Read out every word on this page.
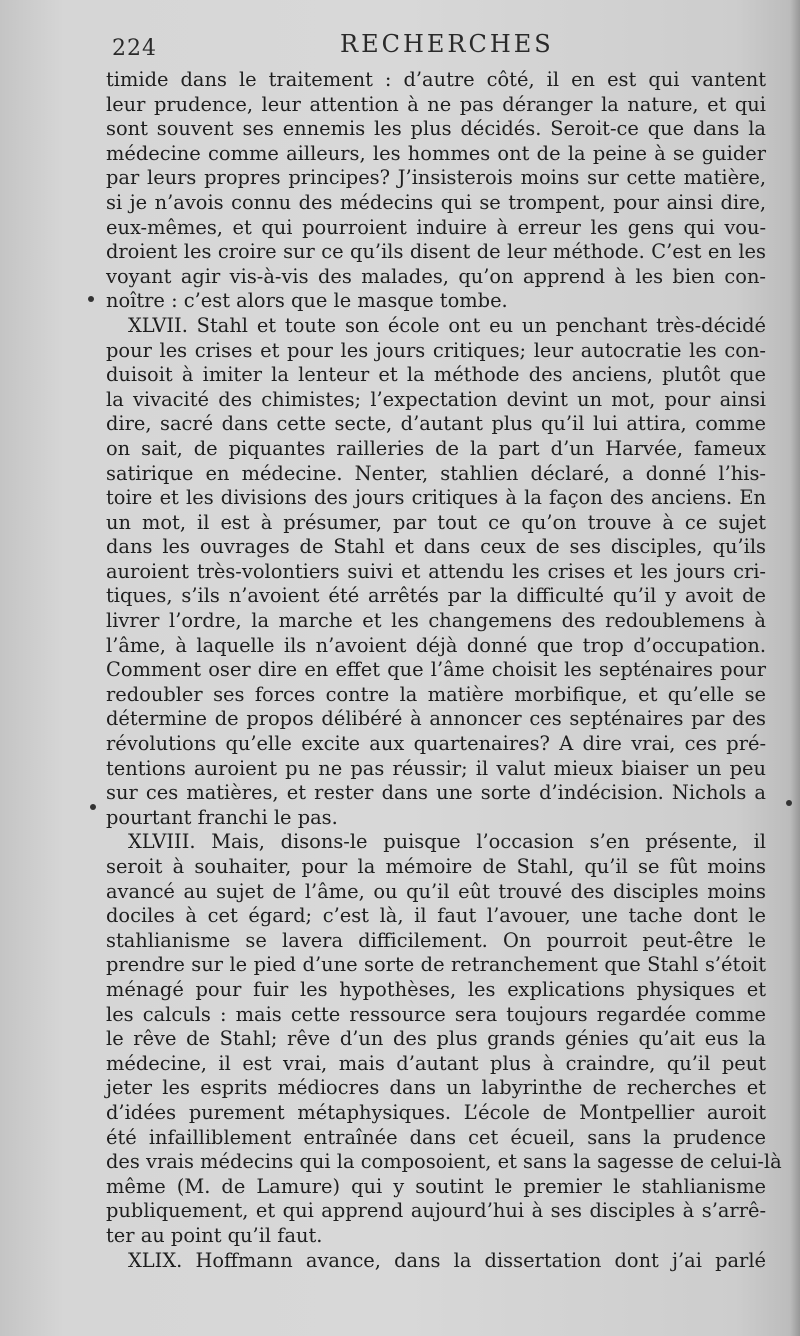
224	RECHERCHES
timide dans le traitement : d’autre côté, il en est qui vantent
leur prudence, leur attention à ne pas déranger la nature, et qui
sont souvent ses ennemis les plus décidés. Seroit-ce que dans la
médecine comme ailleurs, les hommes ont de la peine à se guider
par leurs propres principes? J’insisterois moins sur cette matière,
si je n’avois connu des médecins qui se trompent, pour ainsi dire,
eux-mêmes, et qui pourroient induire à erreur les gens qui vou-
droient les croire sur ce qu’ils disent de leur méthode. C’est en les
voyant agir vis-à-vis des malades, qu’on apprend à les bien con-
noître : c’est alors que le masque tombe.
XLVII. Stahl et toute son école ont eu un penchant très-décidé
pour les crises et pour les jours critiques; leur autocratie les con-
duisoit à imiter la lenteur et la méthode des anciens, plutôt que
la vivacité des chimistes; l’expectation devint un mot, pour ainsi
dire, sacré dans cette secte, d’autant plus qu’il lui attira, comme
on sait, de piquantes railleries de la part d’un Harvée, fameux
satirique en médecine. Nenter, stahlien déclaré, a donné l’his-
toire et les divisions des jours critiques à la façon des anciens. En
un mot, il est à présumer, par tout ce qu’on trouve à ce sujet
dans les ouvrages de Stahl et dans ceux de ses disciples, qu’ils
auroient très-volontiers suivi et attendu les crises et les jours cri-
tiques, s’ils n’avoient été arrêtés par la difficulté qu’il y avoit de
livrer l’ordre, la marche et les changemens des redoublemens à
l’âme, à laquelle ils n’avoient déjà donné que trop d’occupation.
Comment oser dire en effet que l’âme choisit les septénaires pour
redoubler ses forces contre la matière morbifique, et qu’elle se
détermine de propos délibéré à annoncer ces septénaires par des
révolutions qu’elle excite aux quartenaires? A dire vrai, ces pré-
tentions auroient pu ne pas réussir; il valut mieux biaiser un peu
sur ces matières, et rester dans une sorte d’indécision. Nichols a
pourtant franchi le pas.
XLVIII. Mais, disons-le puisque l’occasion s’en présente, il
seroit à souhaiter, pour la mémoire de Stahl, qu’il se fût moins
avancé au sujet de l’âme, ou qu’il eût trouvé des disciples moins
dociles à cet égard; c’est là, il faut l’avouer, une tache dont le
stahlianisme se lavera difficilement. On pourroit peut-être le
prendre sur le pied d’une sorte de retranchement que Stahl s’étoit
ménagé pour fuir les hypothèses, les explications physiques et
les calculs : mais cette ressource sera toujours regardée comme
le rêve de Stahl; rêve d’un des plus grands génies qu’ait eus la
médecine, il est vrai, mais d’autant plus à craindre, qu’il peut
jeter les esprits médiocres dans un labyrinthe de recherches et
d’idées purement métaphysiques. L’école de Montpellier auroit
été infailliblement entraînée dans cet écueil, sans la prudence
des vrais médecins qui la composoient, et sans la sagesse de celui-là
même (M. de Lamure) qui y soutint le premier le stahlianisme
publiquement, et qui apprend aujourd’hui à ses disciples à s’arrê-
ter au point qu’il faut.
XLIX. Hoffmann avance, dans la dissertation dont j’ai parlé
